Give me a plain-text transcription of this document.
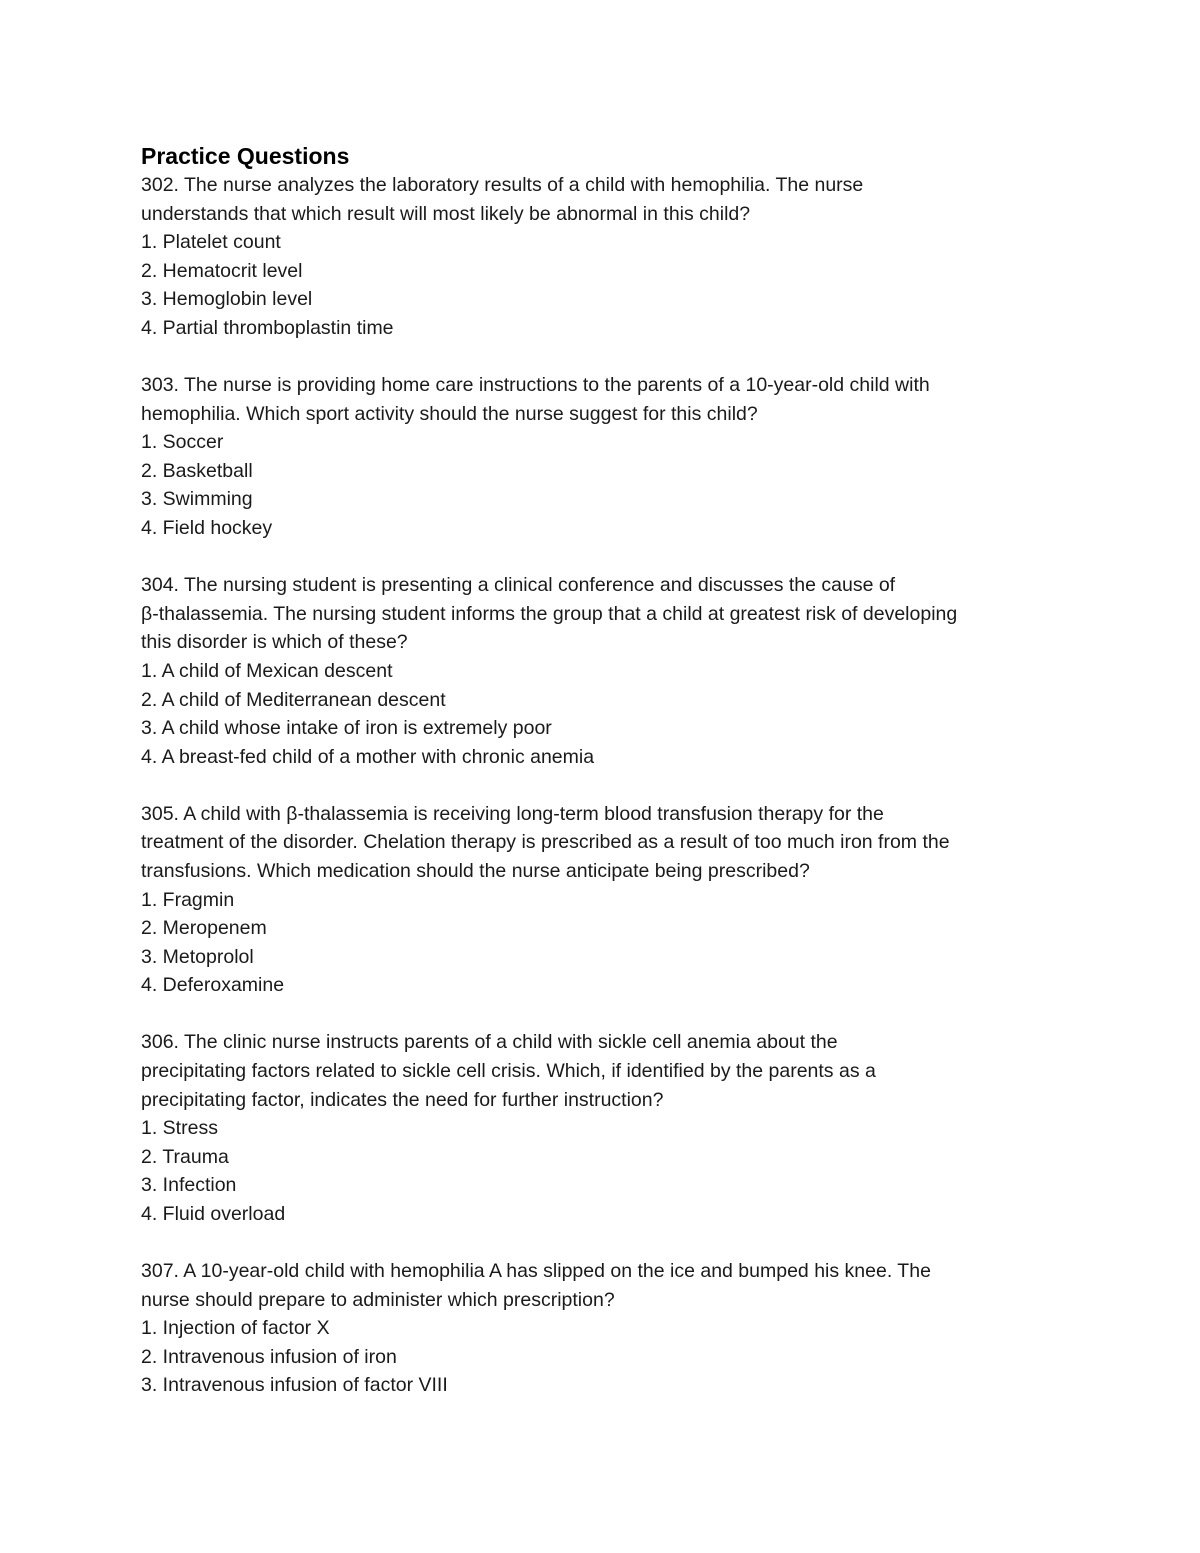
Practice Questions

302. The nurse analyzes the laboratory results of a child with hemophilia. The nurse
understands that which result will most likely be abnormal in this child?

1. Platelet count

2. Hematocrit level

3. Hemoglobin level

4. Partial thromboplastin time

303. The nurse is providing home care instructions to the parents of a 10-year-old child with
hemophilia. Which sport activity should the nurse suggest for this child?

1. Soccer

2. Basketball

3. Swimming

4. Field hockey

304. The nursing student is presenting a clinical conference and discusses the cause of
β-thalassemia. The nursing student informs the group that a child at greatest risk of developing
this disorder is which of these?

1. A child of Mexican descent

2. A child of Mediterranean descent

3. A child whose intake of iron is extremely poor

4. A breast-fed child of a mother with chronic anemia

305. A child with β-thalassemia is receiving long-term blood transfusion therapy for the
treatment of the disorder. Chelation therapy is prescribed as a result of too much iron from the
transfusions. Which medication should the nurse anticipate being prescribed?

1. Fragmin

2. Meropenem

3. Metoprolol

4. Deferoxamine

306. The clinic nurse instructs parents of a child with sickle cell anemia about the
precipitating factors related to sickle cell crisis. Which, if identified by the parents as a
precipitating factor, indicates the need for further instruction?

1. Stress

2. Trauma

3. Infection

4. Fluid overload

307. A 10-year-old child with hemophilia A has slipped on the ice and bumped his knee. The
nurse should prepare to administer which prescription?

1. Injection of factor X

2. Intravenous infusion of iron

3. Intravenous infusion of factor VIII
